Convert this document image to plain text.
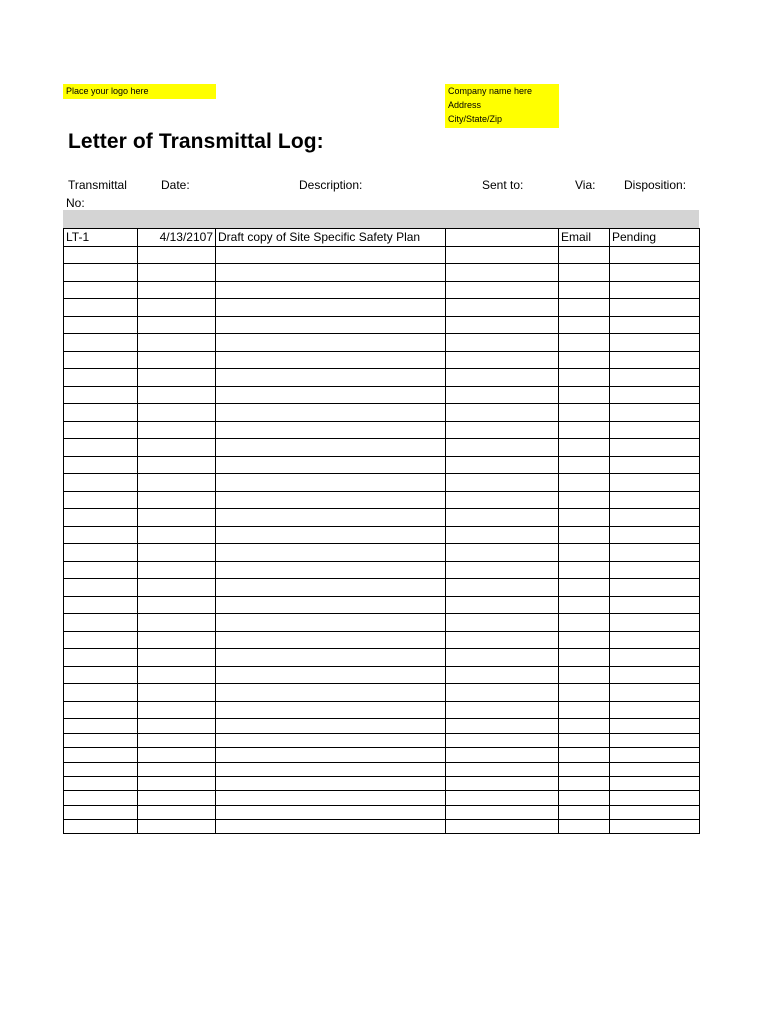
Place your logo here	Company name here
Address
City/State/Zip
Letter of Transmittal Log:
Transmittal
No:
Date:	Description:	Sent to:	Via: Disposition:
LT-1	4/13/2107	Draft copy of Site Specific Safety Plan		Email	Pending
